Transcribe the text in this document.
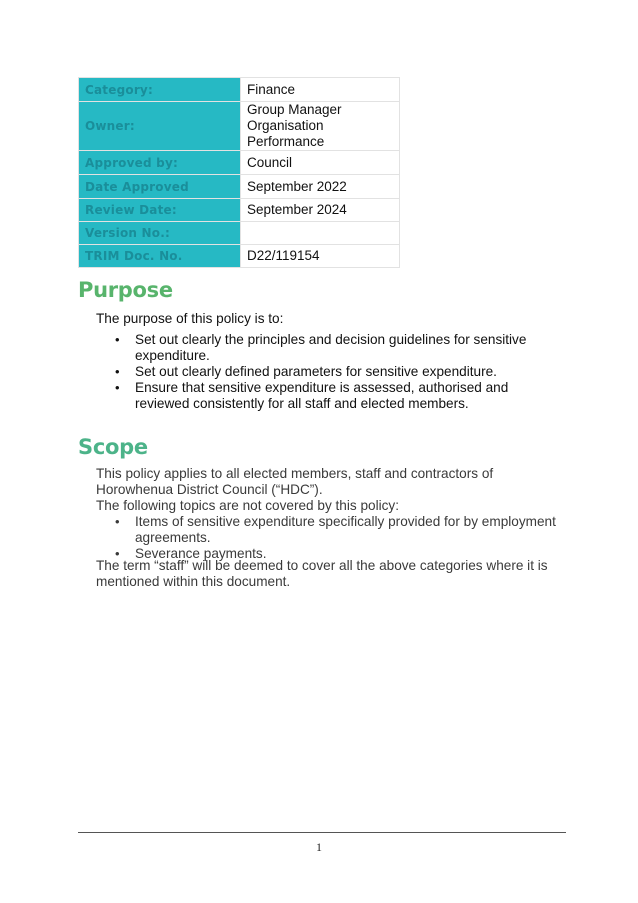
Category:	Finance
Owner:	Group Manager Organisation Performance
Approved by:	Council
Date Approved	September 2022
Review Date:	September 2024
Version No.:	
TRIM Doc. No.	D22/119154
Purpose

The purpose of this policy is to:

• Set out clearly the principles and decision guidelines for sensitive expenditure.
• Set out clearly defined parameters for sensitive expenditure.
• Ensure that sensitive expenditure is assessed, authorised and reviewed consistently for all staff and elected members.
Scope

This policy applies to all elected members, staff and contractors of Horowhenua District Council (“HDC”).

The following topics are not covered by this policy:

• Items of sensitive expenditure specifically provided for by employment agreements.
• Severance payments.

The term “staff” will be deemed to cover all the above categories where it is mentioned within this document.

1
